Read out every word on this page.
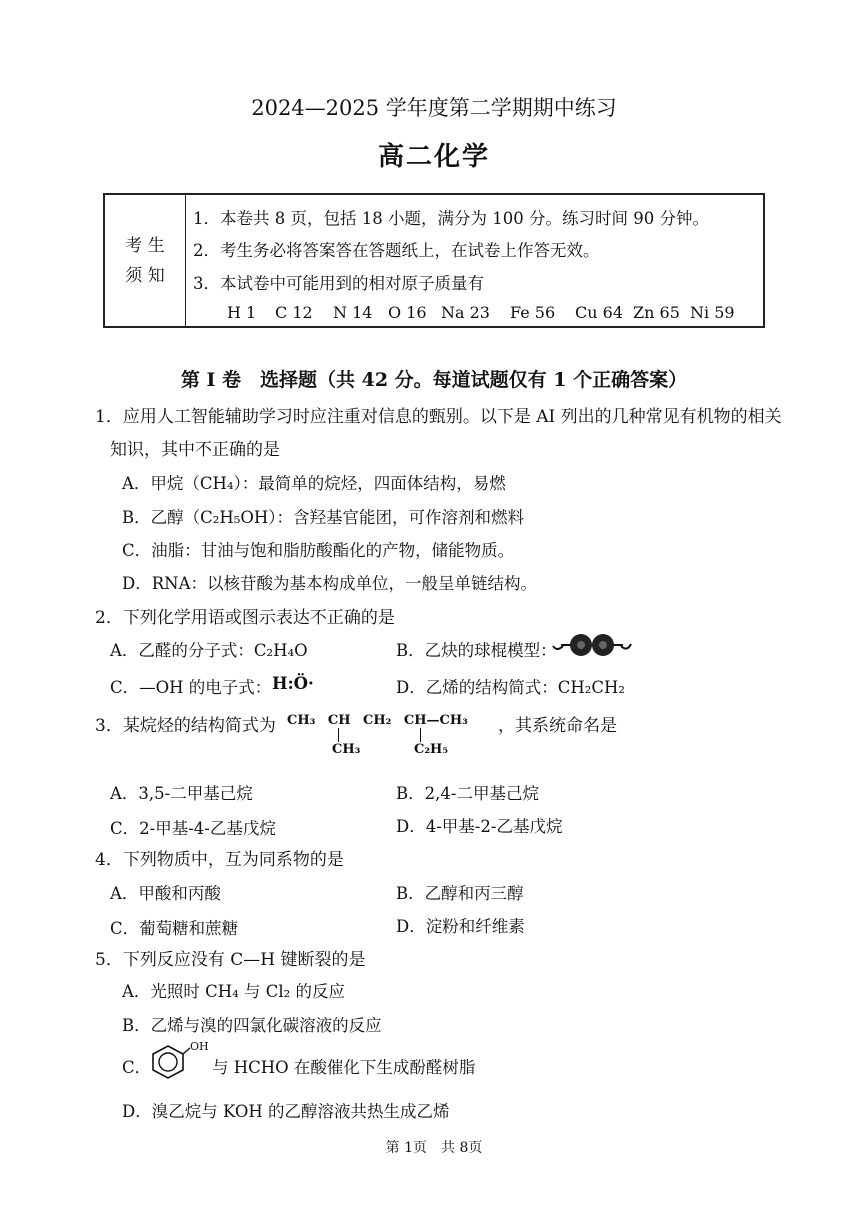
2024—2025 学年度第二学期期中练习
高二化学
考 生
须 知
1．本卷共 8 页，包括 18 小题，满分为 100 分。练习时间 90 分钟。
2．考生务必将答案答在答题纸上，在试卷上作答无效。
3．本试卷中可能用到的相对原子质量有
H 1 C 12 N 14 O 16 Na 23 Fe 56 Cu 64 Zn 65 Ni 59
第 I 卷　选择题（共 42 分。每道试题仅有 1 个正确答案）
1．应用人工智能辅助学习时应注重对信息的甄别。以下是 AI 列出的几种常见有机物的相关
知识，其中不正确的是
A．甲烷（CH₄）：最简单的烷烃，四面体结构，易燃
B．乙醇（C₂H₅OH）：含羟基官能团，可作溶剂和燃料
C．油脂：甘油与饱和脂肪酸酯化的产物，储能物质。
D．RNA：以核苷酸为基本构成单位，一般呈单链结构。
2．下列化学用语或图示表达不正确的是
A．乙醛的分子式：C₂H₄O	B．乙炔的球棍模型：
C．—OH 的电子式： H:Ö·	D．乙烯的结构简式：CH₂CH₂
3．某烷烃的结构简式为 CH₃ CH CH₂ CH—CH₃
CH₃	C₂H₅
，其系统命名是
A．3,5-二甲基己烷	B．2,4-二甲基己烷
C．2-甲基-4-乙基戊烷	D．4-甲基-2-乙基戊烷
4．下列物质中，互为同系物的是
A．甲酸和丙酸	B．乙醇和丙三醇
C．葡萄糖和蔗糖	D．淀粉和纤维素
5．下列反应没有 C—H 键断裂的是
A．光照时 CH₄ 与 Cl₂ 的反应
B．乙烯与溴的四氯化碳溶液的反应
C．
OH
与 HCHO 在酸催化下生成酚醛树脂
D．溴乙烷与 KOH 的乙醇溶液共热生成乙烯
第 1页　共 8页
